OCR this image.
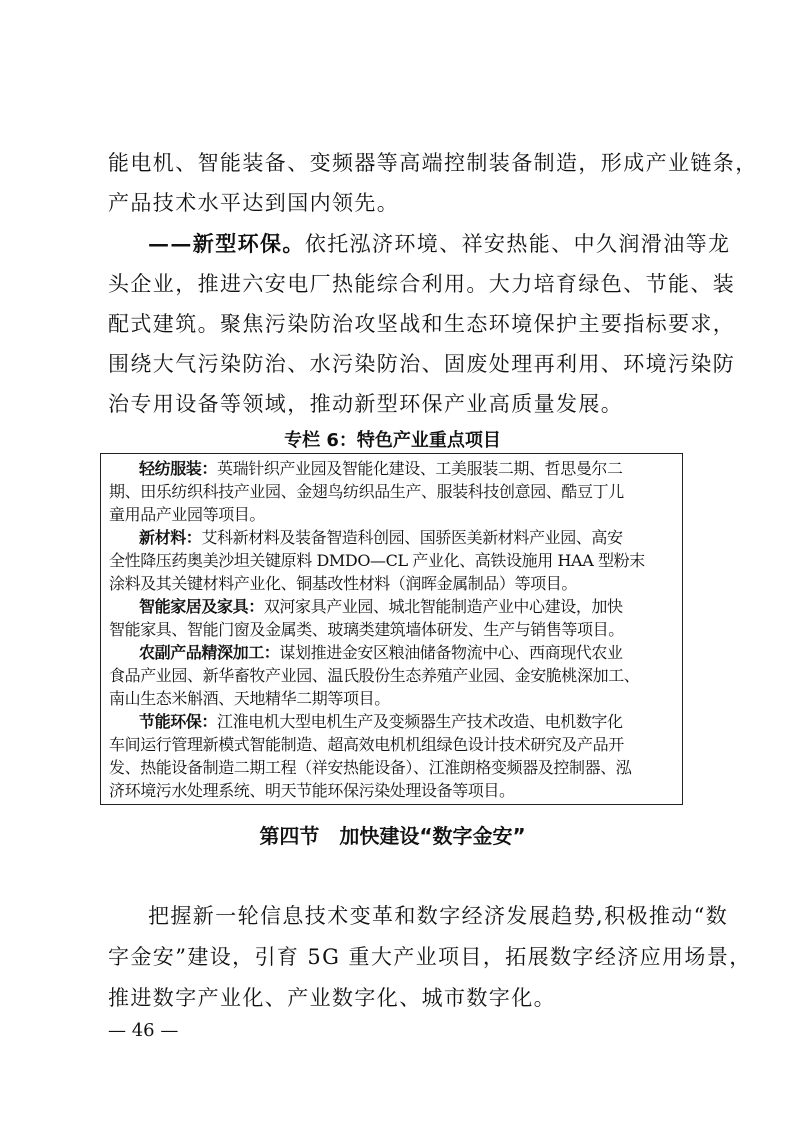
能电机、智能装备、变频器等高端控制装备制造，形成产业链条，
产品技术水平达到国内领先。
——新型环保。依托泓济环境、祥安热能、中久润滑油等龙
头企业，推进六安电厂热能综合利用。大力培育绿色、节能、装
配式建筑。聚焦污染防治攻坚战和生态环境保护主要指标要求，
围绕大气污染防治、水污染防治、固废处理再利用、环境污染防
治专用设备等领域，推动新型环保产业高质量发展。
专栏 6：特色产业重点项目
轻纺服装：英瑞针织产业园及智能化建设、工美服装二期、哲思曼尔二
期、田乐纺织科技产业园、金翅鸟纺织品生产、服装科技创意园、酷豆丁儿
童用品产业园等项目。
新材料：艾科新材料及装备智造科创园、国骄医美新材料产业园、高安
全性降压药奥美沙坦关键原料 DMDO—CL 产业化、高铁设施用 HAA 型粉末
涂料及其关键材料产业化、铜基改性材料（润晖金属制品）等项目。
智能家居及家具：双河家具产业园、城北智能制造产业中心建设，加快
智能家具、智能门窗及金属类、玻璃类建筑墙体研发、生产与销售等项目。
农副产品精深加工：谋划推进金安区粮油储备物流中心、西商现代农业
食品产业园、新华畜牧产业园、温氏股份生态养殖产业园、金安脆桃深加工、
南山生态米斛酒、天地精华二期等项目。
节能环保：江淮电机大型电机生产及变频器生产技术改造、电机数字化
车间运行管理新模式智能制造、超高效电机机组绿色设计技术研究及产品开
发、热能设备制造二期工程（祥安热能设备）、江淮朗格变频器及控制器、泓
济环境污水处理系统、明天节能环保污染处理设备等项目。
第四节　加快建设“数字金安”
把握新一轮信息技术变革和数字经济发展趋势,积极推动“数
字金安”建设，引育 5G 重大产业项目，拓展数字经济应用场景，
推进数字产业化、产业数字化、城市数字化。
— 46 —
